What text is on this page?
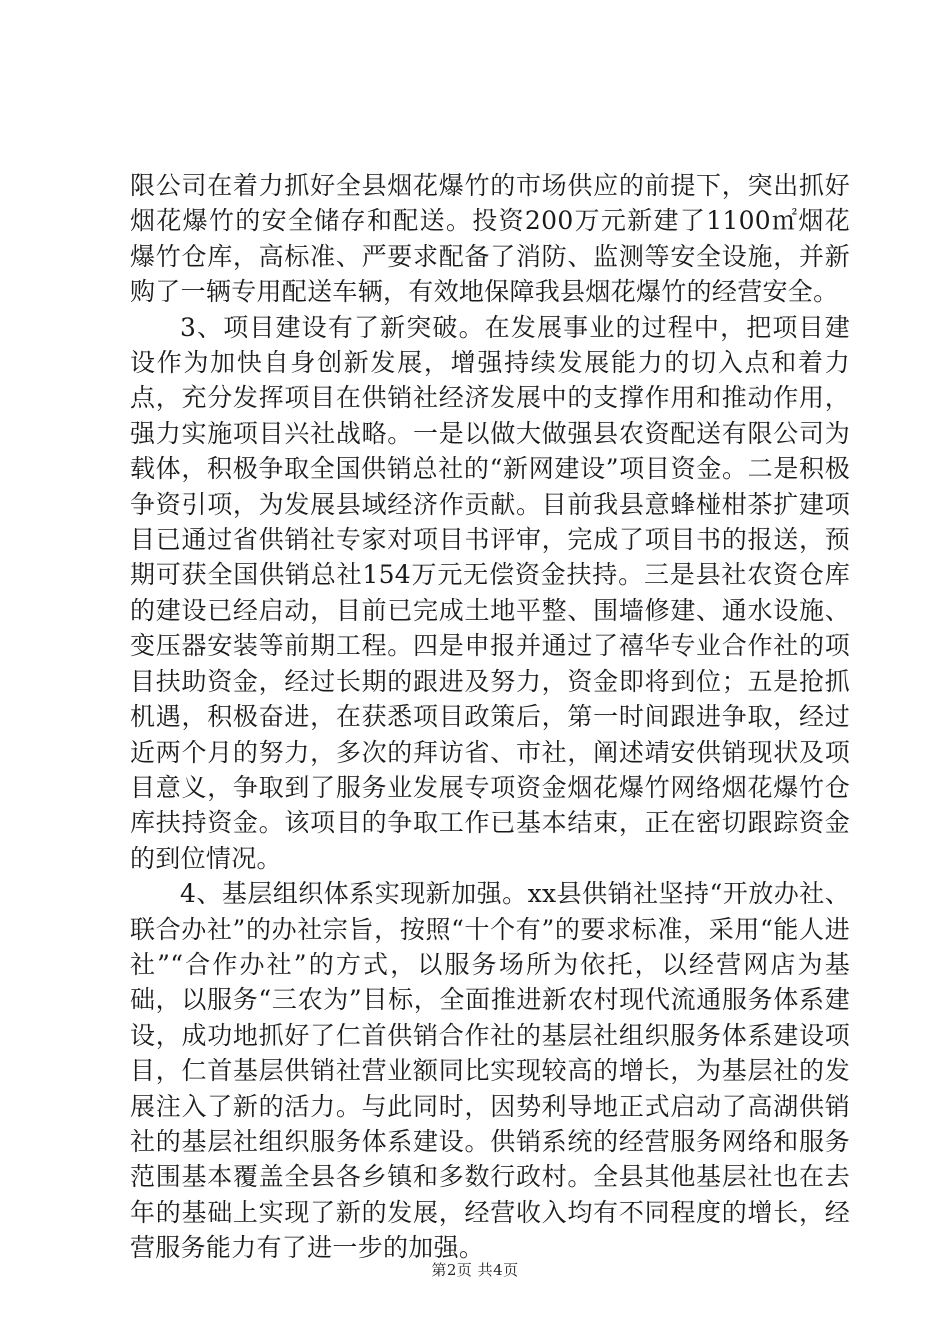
限公司在着力抓好全县烟花爆竹的市场供应的前提下，突出抓好烟花爆竹的安全储存和配送。投资200万元新建了1100㎡烟花爆竹仓库，高标准、严要求配备了消防、监测等安全设施，并新购了一辆专用配送车辆，有效地保障我县烟花爆竹的经营安全。

3、项目建设有了新突破。在发展事业的过程中，把项目建设作为加快自身创新发展，增强持续发展能力的切入点和着力点，充分发挥项目在供销社经济发展中的支撑作用和推动作用，强力实施项目兴社战略。一是以做大做强县农资配送有限公司为载体，积极争取全国供销总社的“新网建设”项目资金。二是积极争资引项，为发展县域经济作贡献。目前我县意蜂椪柑茶扩建项目已通过省供销社专家对项目书评审，完成了项目书的报送，预期可获全国供销总社154万元无偿资金扶持。三是县社农资仓库的建设已经启动，目前已完成土地平整、围墙修建、通水设施、变压器安装等前期工程。四是申报并通过了禧华专业合作社的项目扶助资金，经过长期的跟进及努力，资金即将到位；五是抢抓机遇，积极奋进，在获悉项目政策后，第一时间跟进争取，经过近两个月的努力，多次的拜访省、市社，阐述靖安供销现状及项目意义，争取到了服务业发展专项资金烟花爆竹网络烟花爆竹仓库扶持资金。该项目的争取工作已基本结束，正在密切跟踪资金的到位情况。

4、基层组织体系实现新加强。xx县供销社坚持“开放办社、联合办社”的办社宗旨，按照“十个有”的要求标准，采用“能人进社”“合作办社”的方式，以服务场所为依托，以经营网店为基础，以服务“三农为”目标，全面推进新农村现代流通服务体系建设，成功地抓好了仁首供销合作社的基层社组织服务体系建设项目，仁首基层供销社营业额同比实现较高的增长，为基层社的发展注入了新的活力。与此同时，因势利导地正式启动了高湖供销社的基层社组织服务体系建设。供销系统的经营服务网络和服务范围基本覆盖全县各乡镇和多数行政村。全县其他基层社也在去年的基础上实现了新的发展，经营收入均有不同程度的增长，经营服务能力有了进一步的加强。

第2页 共4页
